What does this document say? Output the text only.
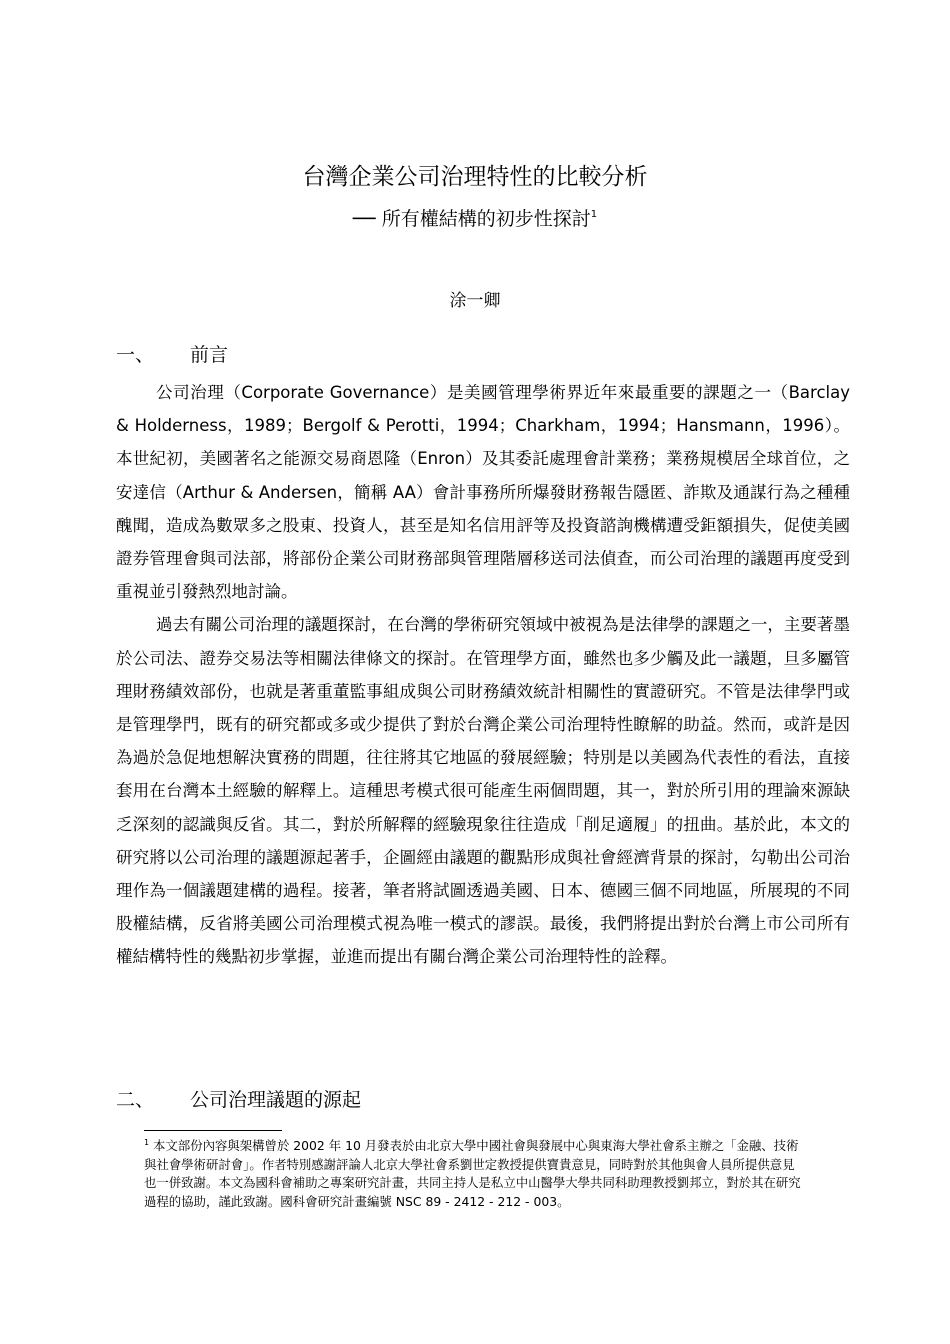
台灣企業公司治理特性的比較分析
── 所有權結構的初步性探討$^1$
涂一卿
一、 前言

公司治理（Corporate Governance）是美國管理學術界近年來最重要的課題之一（Barclay & Holderness，1989；Bergolf & Perotti，1994；Charkham，1994；Hansmann，1996）。本世紀初，美國著名之能源交易商恩隆（Enron）及其委託處理會計業務；業務規模居全球首位，之安達信（Arthur & Andersen，簡稱 AA）會計事務所所爆發財務報告隱匿、詐欺及通謀行為之種種醜聞，造成為數眾多之股東、投資人，甚至是知名信用評等及投資諮詢機構遭受鉅額損失，促使美國證券管理會與司法部，將部份企業公司財務部與管理階層移送司法偵查，而公司治理的議題再度受到重視並引發熱烈地討論。

過去有關公司治理的議題探討，在台灣的學術研究領域中被視為是法律學的課題之一，主要著墨於公司法、證券交易法等相關法律條文的探討。在管理學方面，雖然也多少觸及此一議題，旦多屬管理財務績效部份，也就是著重董監事組成與公司財務績效統計相關性的實證研究。不管是法律學門或是管理學門，既有的研究都或多或少提供了對於台灣企業公司治理特性瞭解的助益。然而，或許是因為過於急促地想解決實務的問題，往往將其它地區的發展經驗；特別是以美國為代表性的看法，直接套用在台灣本土經驗的解釋上。這種思考模式很可能產生兩個問題，其一，對於所引用的理論來源缺乏深刻的認識與反省。其二，對於所解釋的經驗現象往往造成「削足適履」的扭曲。基於此，本文的研究將以公司治理的議題源起著手，企圖經由議題的觀點形成與社會經濟背景的探討，勾勒出公司治理作為一個議題建構的過程。接著，筆者將試圖透過美國、日本、德國三個不同地區，所展現的不同股權結構，反省將美國公司治理模式視為唯一模式的謬誤。最後，我們將提出對於台灣上市公司所有權結構特性的幾點初步掌握，並進而提出有關台灣企業公司治理特性的詮釋。

二、 公司治理議題的源起
$^1$ 本文部份內容與架構曾於 2002 年 10 月發表於由北京大學中國社會與發展中心與東海大學社會系主辦之「金融、技術與社會學術研討會」。作者特別感謝評論人北京大學社會系劉世定教授提供寶貴意見，同時對於其他與會人員所提供意見也一併致謝。本文為國科會補助之專案研究計畫，共同主持人是私立中山醫學大學共同科助理教授劉邦立，對於其在研究過程的協助，謹此致謝。國科會研究計畫編號 NSC 89 - 2412 - 212 - 003。
